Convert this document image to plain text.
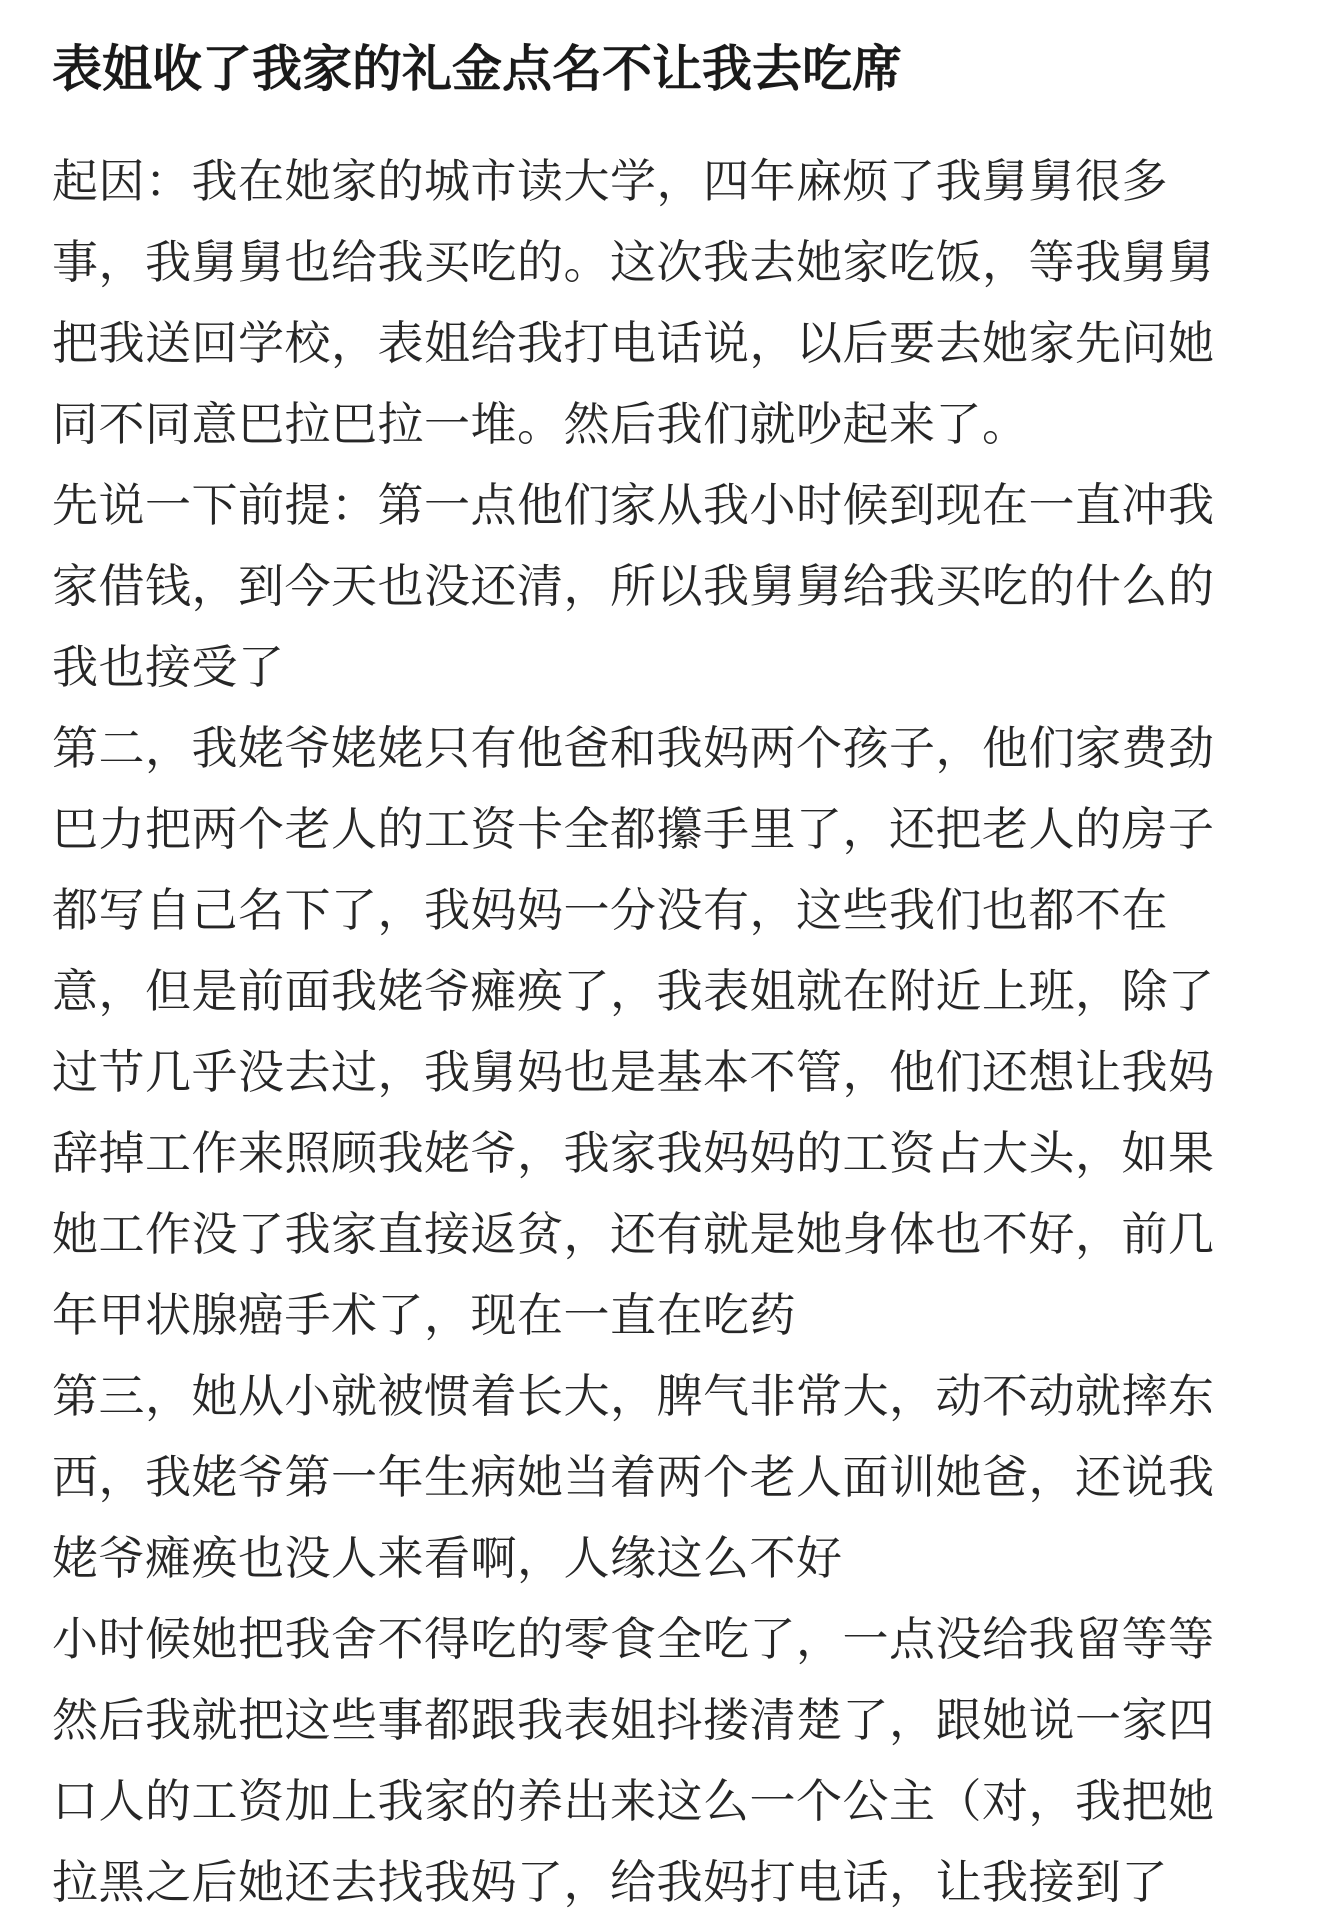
表姐收了我家的礼金点名不让我去吃席
起因：我在她家的城市读大学，四年麻烦了我舅舅很多
事，我舅舅也给我买吃的。这次我去她家吃饭，等我舅舅
把我送回学校，表姐给我打电话说，以后要去她家先问她
同不同意巴拉巴拉一堆。然后我们就吵起来了。
先说一下前提：第一点他们家从我小时候到现在一直冲我
家借钱，到今天也没还清，所以我舅舅给我买吃的什么的
我也接受了
第二，我姥爷姥姥只有他爸和我妈两个孩子，他们家费劲
巴力把两个老人的工资卡全都攥手里了，还把老人的房子
都写自己名下了，我妈妈一分没有，这些我们也都不在
意，但是前面我姥爷瘫痪了，我表姐就在附近上班，除了
过节几乎没去过，我舅妈也是基本不管，他们还想让我妈
辞掉工作来照顾我姥爷，我家我妈妈的工资占大头，如果
她工作没了我家直接返贫，还有就是她身体也不好，前几
年甲状腺癌手术了，现在一直在吃药
第三，她从小就被惯着长大，脾气非常大，动不动就摔东
西，我姥爷第一年生病她当着两个老人面训她爸，还说我
姥爷瘫痪也没人来看啊，人缘这么不好
小时候她把我舍不得吃的零食全吃了，一点没给我留等等
然后我就把这些事都跟我表姐抖搂清楚了，跟她说一家四
口人的工资加上我家的养出来这么一个公主（对，我把她
拉黑之后她还去找我妈了，给我妈打电话，让我接到了
